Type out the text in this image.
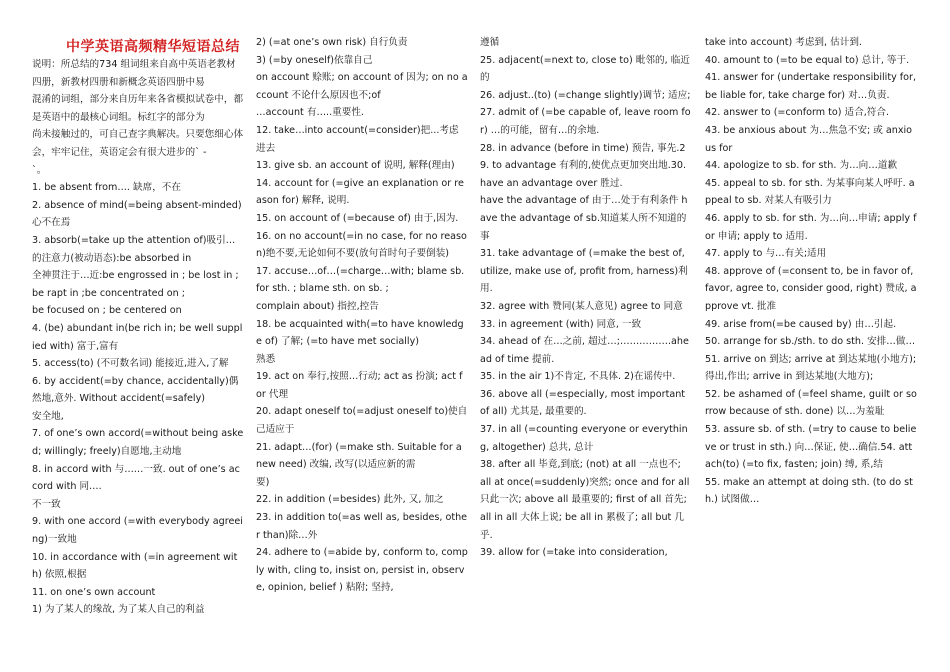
中学英语高频精华短语总结

说明：所总结的734 组词组来自高中英语老教材四册，新教材四册和新概念英语四册中易

混淆的词组，部分来自历年来各省模拟试卷中，都是英语中的最核心词组。标红字的部分为

尚未接触过的，可自己查字典解决。只要您细心体会，牢牢记住，英语定会有很大进步的` -

`。

1. be absent from…. 缺席，不在

2. absence of mind(=being absent-minded)心不在焉

3. absorb(=take up the attention of)吸引…的注意力(被动语态):be absorbed in

全神贯注于…近:be engrossed in ; be lost in ; be rapt in ;be concentrated on ;

be focused on ; be centered on

4. (be) abundant in(be rich in; be well supplied with) 富于,富有

5. access(to) (不可数名词) 能接近,进入,了解

6. by accident(=by chance, accidentally)偶然地,意外. Without accident(=safely)

安全地,

7. of one’s own accord(=without being asked; willingly; freely)自愿地,主动地

8. in accord with 与……一致. out of one’s accord with 同….

不一致

9. with one accord (=with everybody agreeing)一致地

10. in accordance with (=in agreement with) 依照,根据

11. on one’s own account

1) 为了某人的缘故, 为了某人自己的利益

2) (=at one’s own risk) 自行负责

3) (=by oneself)依靠自己

on account 赊账; on account of 因为; on no account 不论什么原因也不;of

…account 有…..重要性.

12. take…into account(=consider)把...考虑进去

13. give sb. an account of 说明, 解释(理由)

14. account for (=give an explanation or reason for) 解释, 说明.

15. on account of (=because of) 由于,因为.

16. on no account(=in no case, for no reason)绝不要,无论如何不要(放句首时句子要倒装)

17. accuse…of…(=charge…with; blame sb. for sth. ; blame sth. on sb. ;

complain about) 指控,控告

18. be acquainted with(=to have knowledge of) 了解; (=to have met socially)

熟悉

19. act on 奉行,按照…行动; act as 扮演; act for 代理

20. adapt oneself to(=adjust oneself to)使自己适应于

21. adapt…(for) (=make sth. Suitable for a new need) 改编, 改写(以适应新的需

要)

22. in addition (=besides) 此外, 又, 加之

23. in addition to(=as well as, besides, other than)除…外

24. adhere to (=abide by, conform to, comply with, cling to, insist on, persist in, observe, opinion, belief ) 粘附; 坚持,

遵循

25. adjacent(=next to, close to) 毗邻的, 临近的

26. adjust..(to) (=change slightly)调节; 适应;

27. admit of (=be capable of, leave room for) …的可能，留有…的余地.

28. in advance (before in time) 预告, 事先.29. to advantage 有利的,使优点更加突出地.30. have an advantage over 胜过.

have the advantage of 由于…处于有利条件 have the advantage of sb.知道某人所不知道的事

31. take advantage of (=make the best of, utilize, make use of, profit from, harness)利用.

32. agree with 赞同(某人意见) agree to 同意

33. in agreement (with) 同意, 一致

34. ahead of 在…之前, 超过…;…………….ahead of time 提前.

35. in the air 1)不肯定, 不具体. 2)在谣传中.

36. above all (=especially, most important of all) 尤其是, 最重要的.

37. in all (=counting everyone or everything, altogether) 总共, 总计

38. after all 毕竟,到底; (not) at all 一点也不;

all at once(=suddenly)突然; once and for all 只此一次; above all 最重要的; first of all 首先; all in all 大体上说; be all in 累极了; all but 几乎.

39. allow for (=take into consideration,

take into account) 考虑到, 估计到.

40. amount to (=to be equal to) 总计, 等于.

41. answer for (undertake responsibility for, be liable for, take charge for) 对…负责.

42. answer to (=conform to) 适合,符合.

43. be anxious about 为…焦急不安; 或 anxious for

44. apologize to sb. for sth. 为…向…道歉

45. appeal to sb. for sth. 为某事向某人呼吁. appeal to sb. 对某人有吸引力

46. apply to sb. for sth. 为…向…申请; apply for 申请; apply to 适用.

47. apply to 与…有关;适用

48. approve of (=consent to, be in favor of, favor, agree to, consider good, right) 赞成, approve vt. 批准

49. arise from(=be caused by) 由…引起.

50. arrange for sb./sth. to do sth. 安排…做…

51. arrive on 到达; arrive at 到达某地(小地方);得出,作出; arrive in 到达某地(大地方);

52. be ashamed of (=feel shame, guilt or sorrow because of sth. done) 以…为羞耻

53. assure sb. of sth. (=try to cause to believe or trust in sth.) 向…保证, 使…确信.54. attach(to) (=to fix, fasten; join) 缚, 系,结

55. make an attempt at doing sth. (to do sth.) 试图做…
